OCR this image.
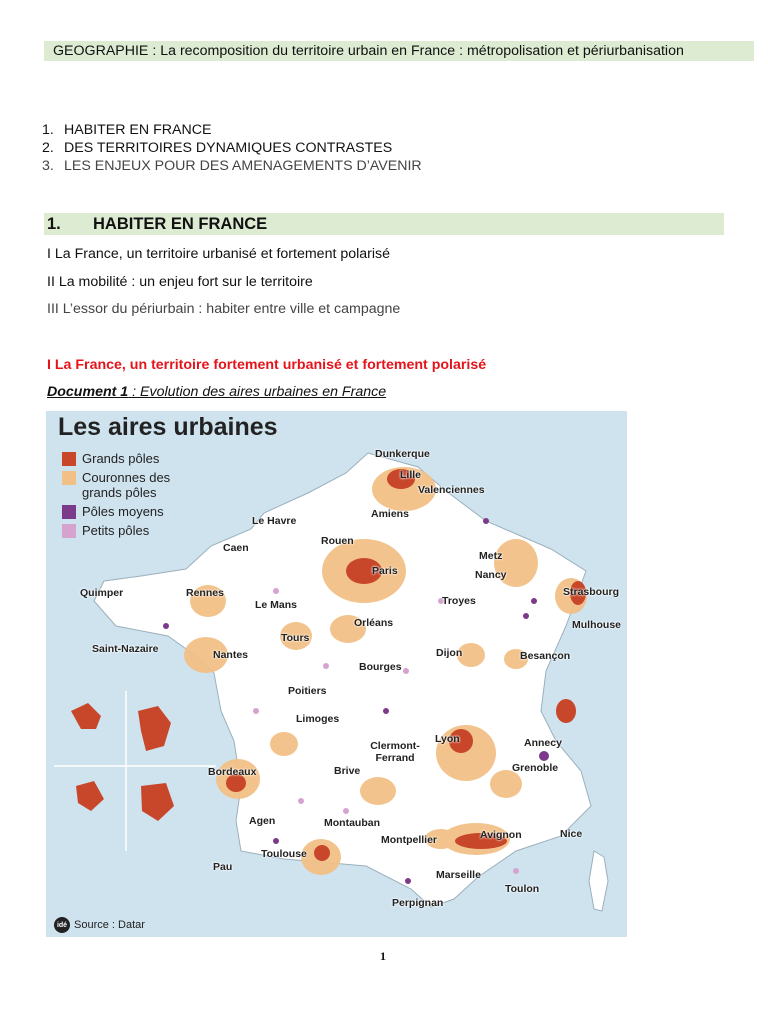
GEOGRAPHIE : La recomposition du territoire urbain en France : métropolisation et périurbanisation
1. HABITER EN FRANCE
2. DES TERRITOIRES DYNAMIQUES CONTRASTES
3. LES ENJEUX POUR DES AMENAGEMENTS D’AVENIR
1. HABITER EN FRANCE
I La France, un territoire urbanisé et fortement polarisé
II La mobilité : un enjeu fort sur le territoire
III L’essor du périurbain : habiter entre ville et campagne
I La France, un territoire fortement urbanisé et fortement polarisé
Document 1 : Evolution des aires urbaines en France
Les aires urbaines
Grands pôles
Couronnes des grands pôles
Pôles moyens
Petits pôles
Dunkerque
Lille
Valenciennes
Amiens
Le Havre
Caen
Rouen
Paris
Metz
Nancy
Strasbourg
Quimper	Rennes
Le Mans	Troyes
Mulhouse
Orléans
Tours
Saint-Nazaire	Nantes	Dijon	Besançon
Bourges
Poitiers
Limoges
Lyon	Annecy
Clermont-Ferrand
Grenoble
Bordeaux	Brive
Agen	Montauban
Avignon	Nice
Montpellier
Toulouse
Pau
Marseille
Toulon
Perpignan
idé Source : Datar
1
